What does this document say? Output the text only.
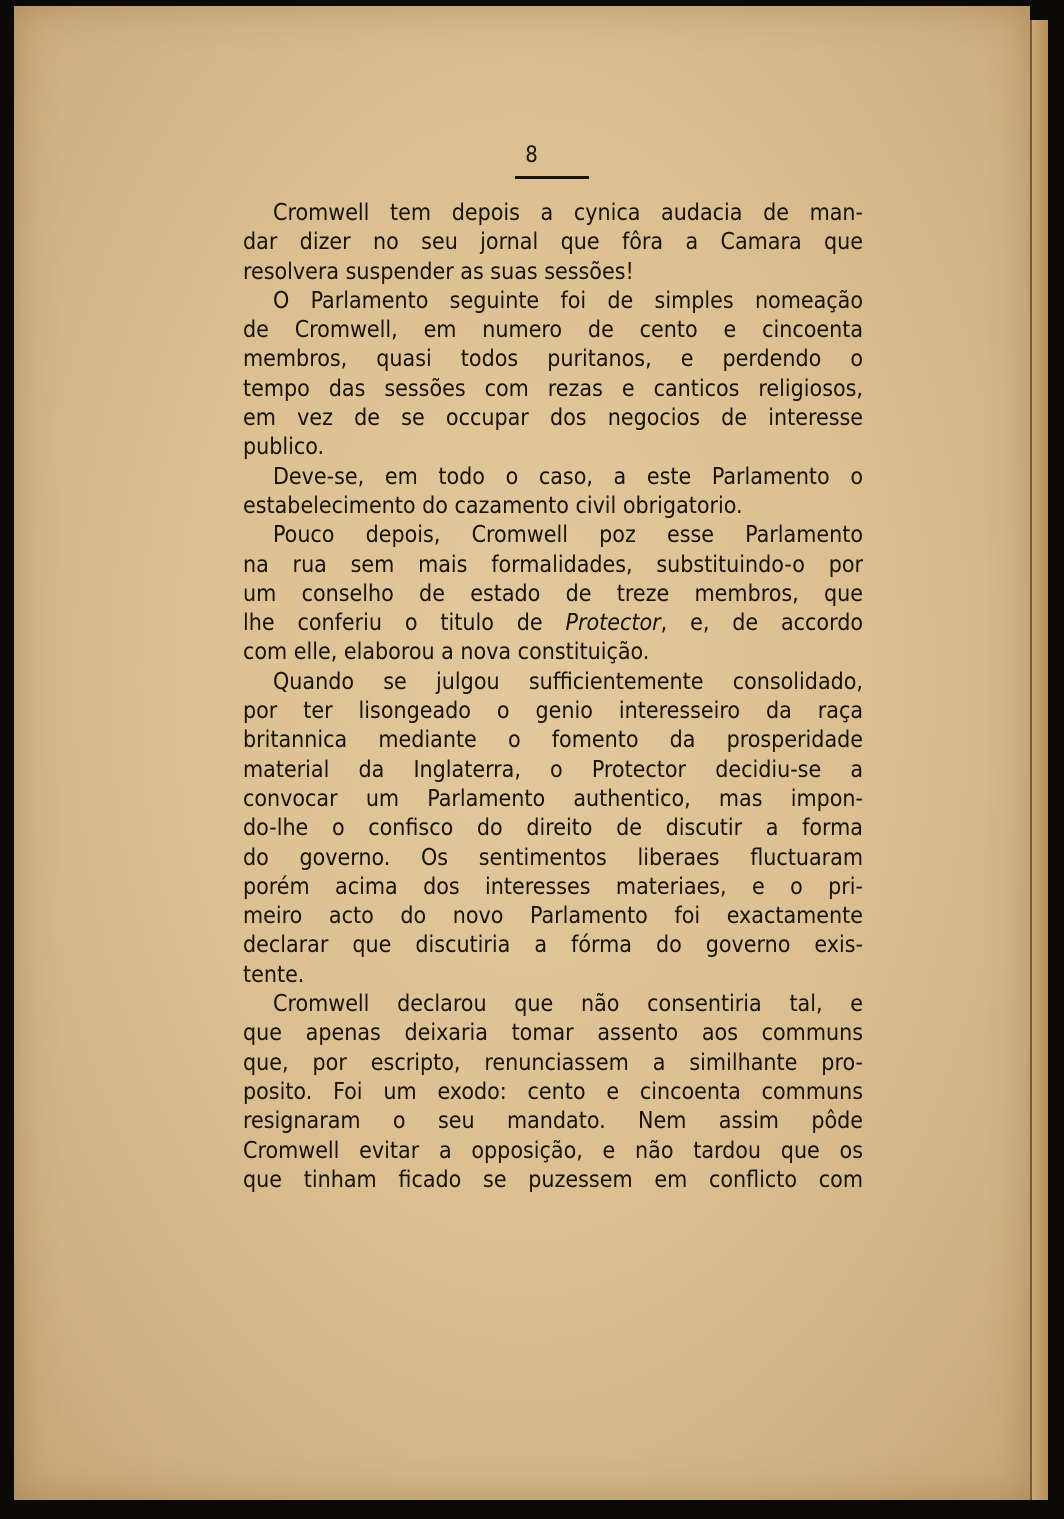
8
Cromwell tem depois a cynica audacia de man-
dar dizer no seu jornal que fôra a Camara que
resolvera suspender as suas sessões!
O Parlamento seguinte foi de simples nomeação
de Cromwell, em numero de cento e cincoenta
membros, quasi todos puritanos, e perdendo o
tempo das sessões com rezas e canticos religiosos,
em vez de se occupar dos negocios de interesse
publico.
Deve-se, em todo o caso, a este Parlamento o
estabelecimento do cazamento civil obrigatorio.
Pouco depois, Cromwell poz esse Parlamento
na rua sem mais formalidades, substituindo-o por
um conselho de estado de treze membros, que
lhe conferiu o titulo de Protector, e, de accordo
com elle, elaborou a nova constituição.
Quando se julgou sufficientemente consolidado,
por ter lisongeado o genio interesseiro da raça
britannica mediante o fomento da prosperidade
material da Inglaterra, o Protector decidiu-se a
convocar um Parlamento authentico, mas impon-
do-lhe o confisco do direito de discutir a forma
do governo. Os sentimentos liberaes fluctuaram
porém acima dos interesses materiaes, e o pri-
meiro acto do novo Parlamento foi exactamente
declarar que discutiria a fórma do governo exis-
tente.
Cromwell declarou que não consentiria tal, e
que apenas deixaria tomar assento aos communs
que, por escripto, renunciassem a similhante pro-
posito. Foi um exodo: cento e cincoenta communs
resignaram o seu mandato. Nem assim pôde
Cromwell evitar a opposição, e não tardou que os
que tinham ficado se puzessem em conflicto com
